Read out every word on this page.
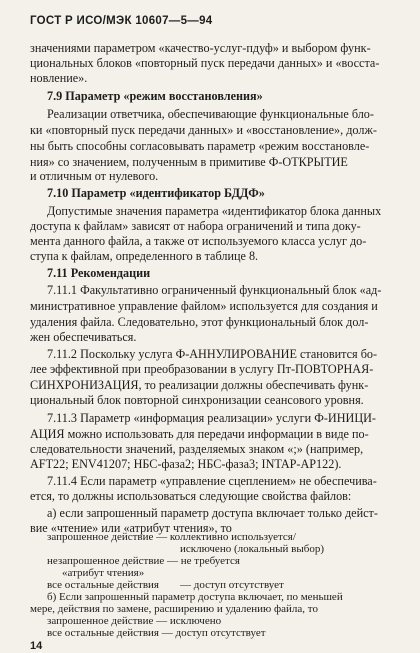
ГОСТ Р ИСО/МЭК 10607—5—94
значениями параметром «качество-услуг-пдуф» и выбором функ-
циональных блоков «повторный пуск передачи данных» и «восста-
новление».
7.9 Параметр «режим восстановления»
Реализации ответчика, обеспечивающие функциональные бло-
ки «повторный пуск передачи данных» и «восстановление», долж-
ны быть способны согласовывать параметр «режим восстановле-
ния» со значением, полученным в примитиве Ф-ОТКРЫТИЕ
и отличным от нулевого.
7.10 Параметр «идентификатор БДДФ»
Допустимые значения параметра «идентификатор блока данных
доступа к файлам» зависят от набора ограничений и типа доку-
мента данного файла, а также от используемого класса услуг до-
ступа к файлам, определенного в таблице 8.
7.11 Рекомендации
7.11.1 Факультативно ограниченный функциональный блок «ад-
министративное управление файлом» используется для создания и
удаления файла. Следовательно, этот функциональный блок дол-
жен обеспечиваться.
7.11.2 Поскольку услуга Ф-АННУЛИРОВАНИЕ становится бо-
лее эффективной при преобразовании в услугу Пт-ПОВТОРНАЯ-
СИНХРОНИЗАЦИЯ, то реализации должны обеспечивать функ-
циональный блок повторной синхронизации сеансового уровня.
7.11.3 Параметр «информация реализации» услуги Ф-ИНИЦИ-
АЦИЯ можно использовать для передачи информации в виде по-
следовательности значений, разделяемых знаком «;» (например,
AFT22; ENV41207; НБС-фаза2; НБС-фаза3; INTAP-AP122).
7.11.4 Если параметр «управление сцеплением» не обеспечива-
ется, то должны использоваться следующие свойства файлов:
а) если запрошенный параметр доступа включает только дейст-
вие «чтение» или «атрибут чтения», то
запрошенное действие — коллективно используется/
исключено (локальный выбор)
незапрошенное действие — не требуется
«атрибут чтения»
все остальные действия — доступ отсутствует
14
б) Если запрошенный параметр доступа включает, по меньшей
мере, действия по замене, расширению и удалению файла, то
запрошенное действие — исключено
все остальные действия — доступ отсутствует
